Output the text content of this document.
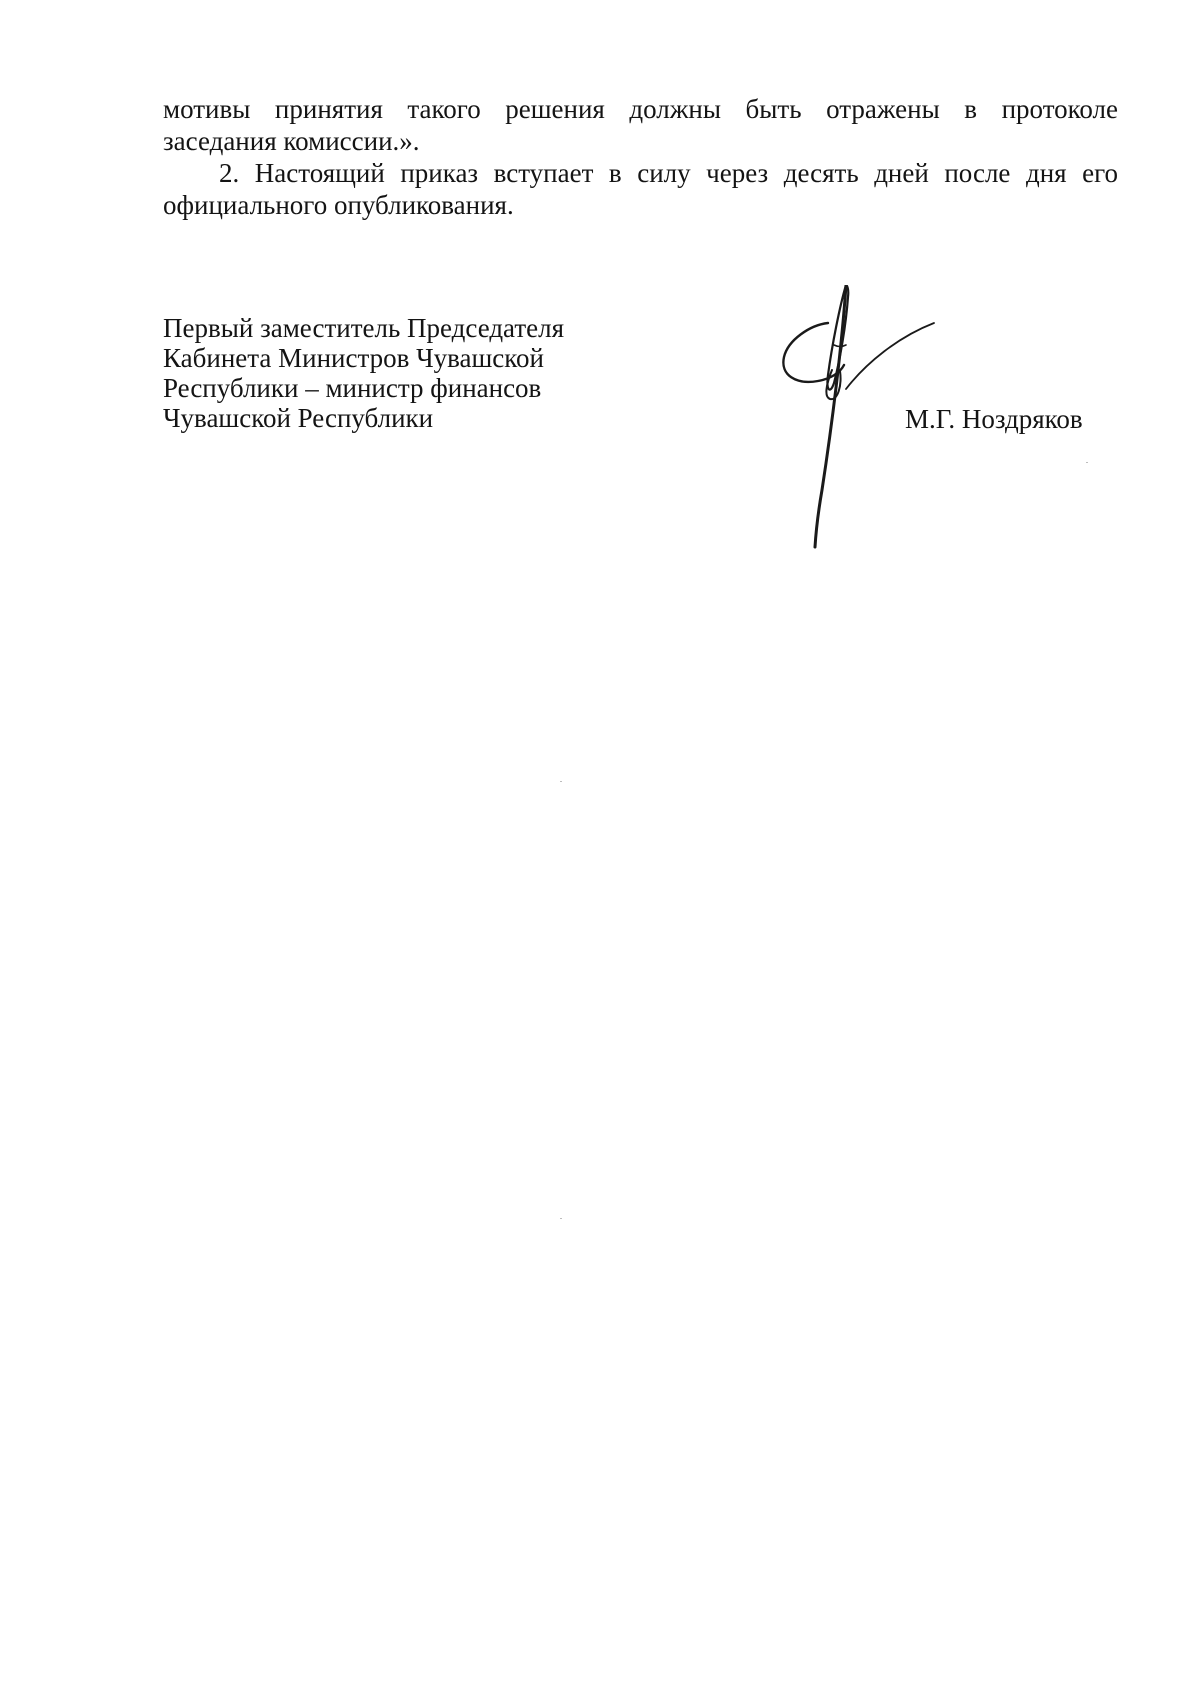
мотивы принятия такого решения должны быть отражены в протоколе
заседания комиссии.».
2. Настоящий приказ вступает в силу через десять дней после дня его
официального опубликования.
Первый заместитель Председателя
Кабинета Министров Чувашской
Республики – министр финансов
Чувашской Республики	М.Г. Ноздряков
